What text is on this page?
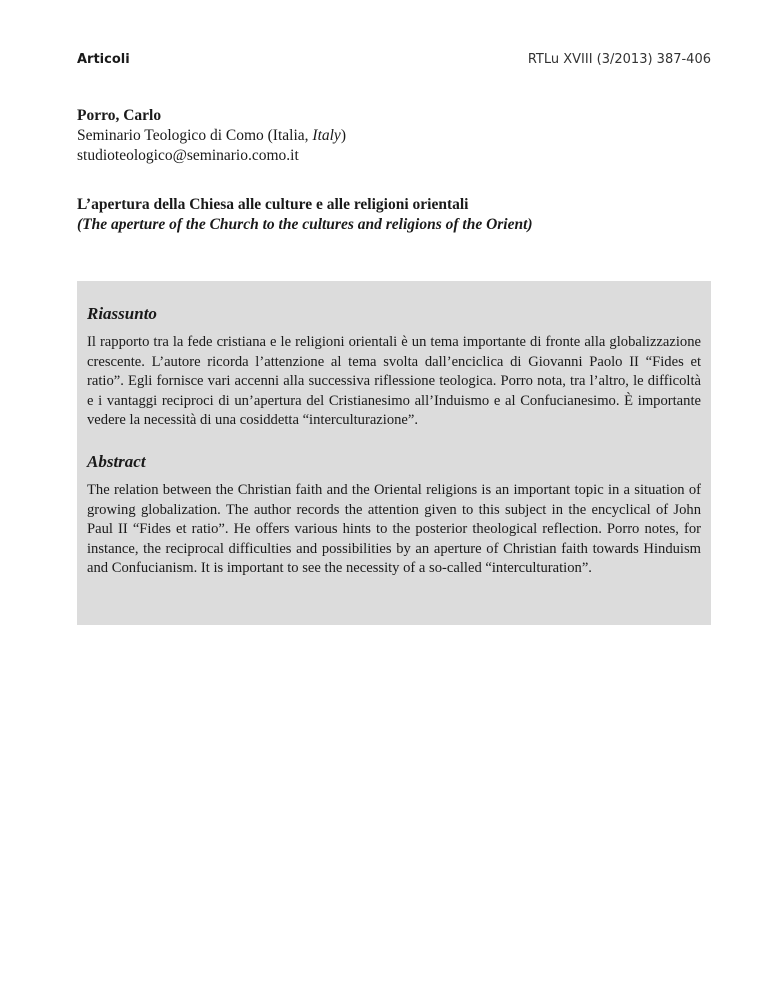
Articoli	RTLu XVIII (3/2013) 387-406
Porro, Carlo
Seminario Teologico di Como (Italia, Italy)
studioteologico@seminario.como.it
L’apertura della Chiesa alle culture e alle religioni orientali
(The aperture of the Church to the cultures and religions of the Orient)
Riassunto

Il rapporto tra la fede cristiana e le religioni orientali è un tema importante di fronte alla globalizzazione crescente. L’autore ricorda l’attenzione al tema svolta dall’enciclica di Giovanni Paolo II “Fides et ratio”. Egli fornisce vari accenni alla successiva riflessione teologica. Porro nota, tra l’altro, le difficoltà e i vantaggi reciproci di un’apertura del Cristianesimo all’Induismo e al Confucianesimo. È importante vedere la necessità di una cosiddetta “interculturazione”.

Abstract

The relation between the Christian faith and the Oriental religions is an important topic in a situation of growing globalization. The author records the attention given to this subject in the encyclical of John Paul II “Fides et ratio”. He offers various hints to the posterior theological reflection. Porro notes, for instance, the reciprocal difficulties and possibilities by an aperture of Christian faith towards Hinduism and Confucianism. It is important to see the necessity of a so-called “interculturation”.
